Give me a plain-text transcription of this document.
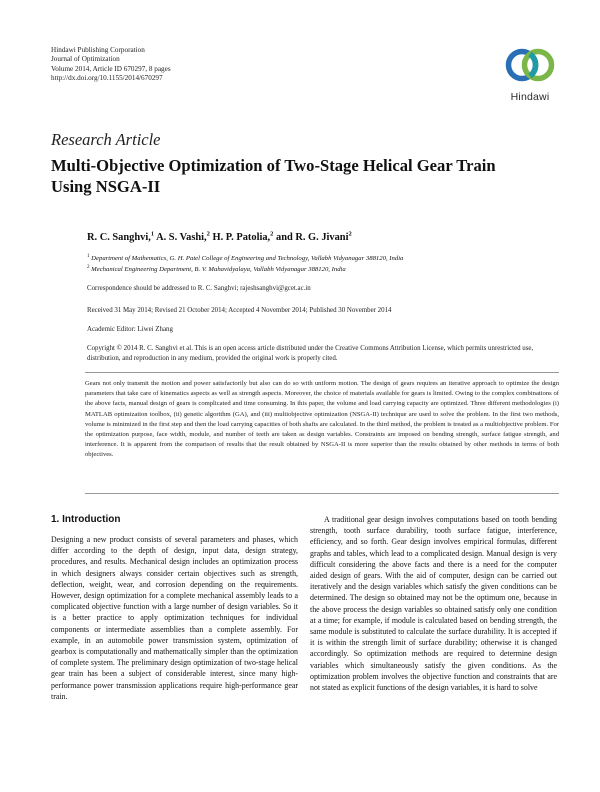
Hindawi Publishing Corporation
Journal of Optimization
Volume 2014, Article ID 670297, 8 pages
http://dx.doi.org/10.1155/2014/670297
Hindawi
Research Article
Multi-Objective Optimization of Two-Stage Helical Gear Train Using NSGA-II
R. C. Sanghvi,$^1$ A. S. Vashi,$^2$ H. P. Patolia,$^2$ and R. G. Jivani$^2$
$^1$ Department of Mathematics, G. H. Patel College of Engineering and Technology, Vallabh Vidyanagar 388120, India
$^2$ Mechanical Engineering Department, B. V. Mahavidyalaya, Vallabh Vidyanagar 388120, India
Correspondence should be addressed to R. C. Sanghvi; rajeshsanghvi@gcet.ac.in
Received 31 May 2014; Revised 21 October 2014; Accepted 4 November 2014; Published 30 November 2014
Academic Editor: Liwei Zhang
Copyright © 2014 R. C. Sanghvi et al. This is an open access article distributed under the Creative Commons Attribution License, which permits unrestricted use, distribution, and reproduction in any medium, provided the original work is properly cited.

Gears not only transmit the motion and power satisfactorily but also can do so with uniform motion. The design of gears requires an iterative approach to optimize the design parameters that take care of kinematics aspects as well as strength aspects. Moreover, the choice of materials available for gears is limited. Owing to the complex combinations of the above facts, manual design of gears is complicated and time consuming. In this paper, the volume and load carrying capacity are optimized. Three different methodologies (i) MATLAB optimization toolbox, (ii) genetic algorithm (GA), and (iii) multiobjective optimization (NSGA-II) technique are used to solve the problem. In the first two methods, volume is minimized in the first step and then the load carrying capacities of both shafts are calculated. In the third method, the problem is treated as a multiobjective problem. For the optimization purpose, face width, module, and number of teeth are taken as design variables. Constraints are imposed on bending strength, surface fatigue strength, and interference. It is apparent from the comparison of results that the result obtained by NSGA-II is more superior than the results obtained by other methods in terms of both objectives.

1. Introduction

Designing a new product consists of several parameters and phases, which differ according to the depth of design, input data, design strategy, procedures, and results. Mechanical design includes an optimization process in which designers always consider certain objectives such as strength, deflection, weight, wear, and corrosion depending on the requirements. However, design optimization for a complete mechanical assembly leads to a complicated objective function with a large number of design variables. So it is a better practice to apply optimization techniques for individual components or intermediate assemblies than a complete assembly. For example, in an automobile power transmission system, optimization of gearbox is computationally and mathematically simpler than the optimization of complete system. The preliminary design optimization of two-stage helical gear train has been a subject of considerable interest, since many high-performance power transmission applications require high-performance gear train.

A traditional gear design involves computations based on tooth bending strength, tooth surface durability, tooth surface fatigue, interference, efficiency, and so forth. Gear design involves empirical formulas, different graphs and tables, which lead to a complicated design. Manual design is very difficult considering the above facts and there is a need for the computer aided design of gears. With the aid of computer, design can be carried out iteratively and the design variables which satisfy the given conditions can be determined. The design so obtained may not be the optimum one, because in the above process the design variables so obtained satisfy only one condition at a time; for example, if module is calculated based on bending strength, the same module is substituted to calculate the surface durability. It is accepted if it is within the strength limit of surface durability; otherwise it is changed accordingly. So optimization methods are required to determine design variables which simultaneously satisfy the given conditions. As the optimization problem involves the objective function and constraints that are not stated as explicit functions of the design variables, it is hard to solve
